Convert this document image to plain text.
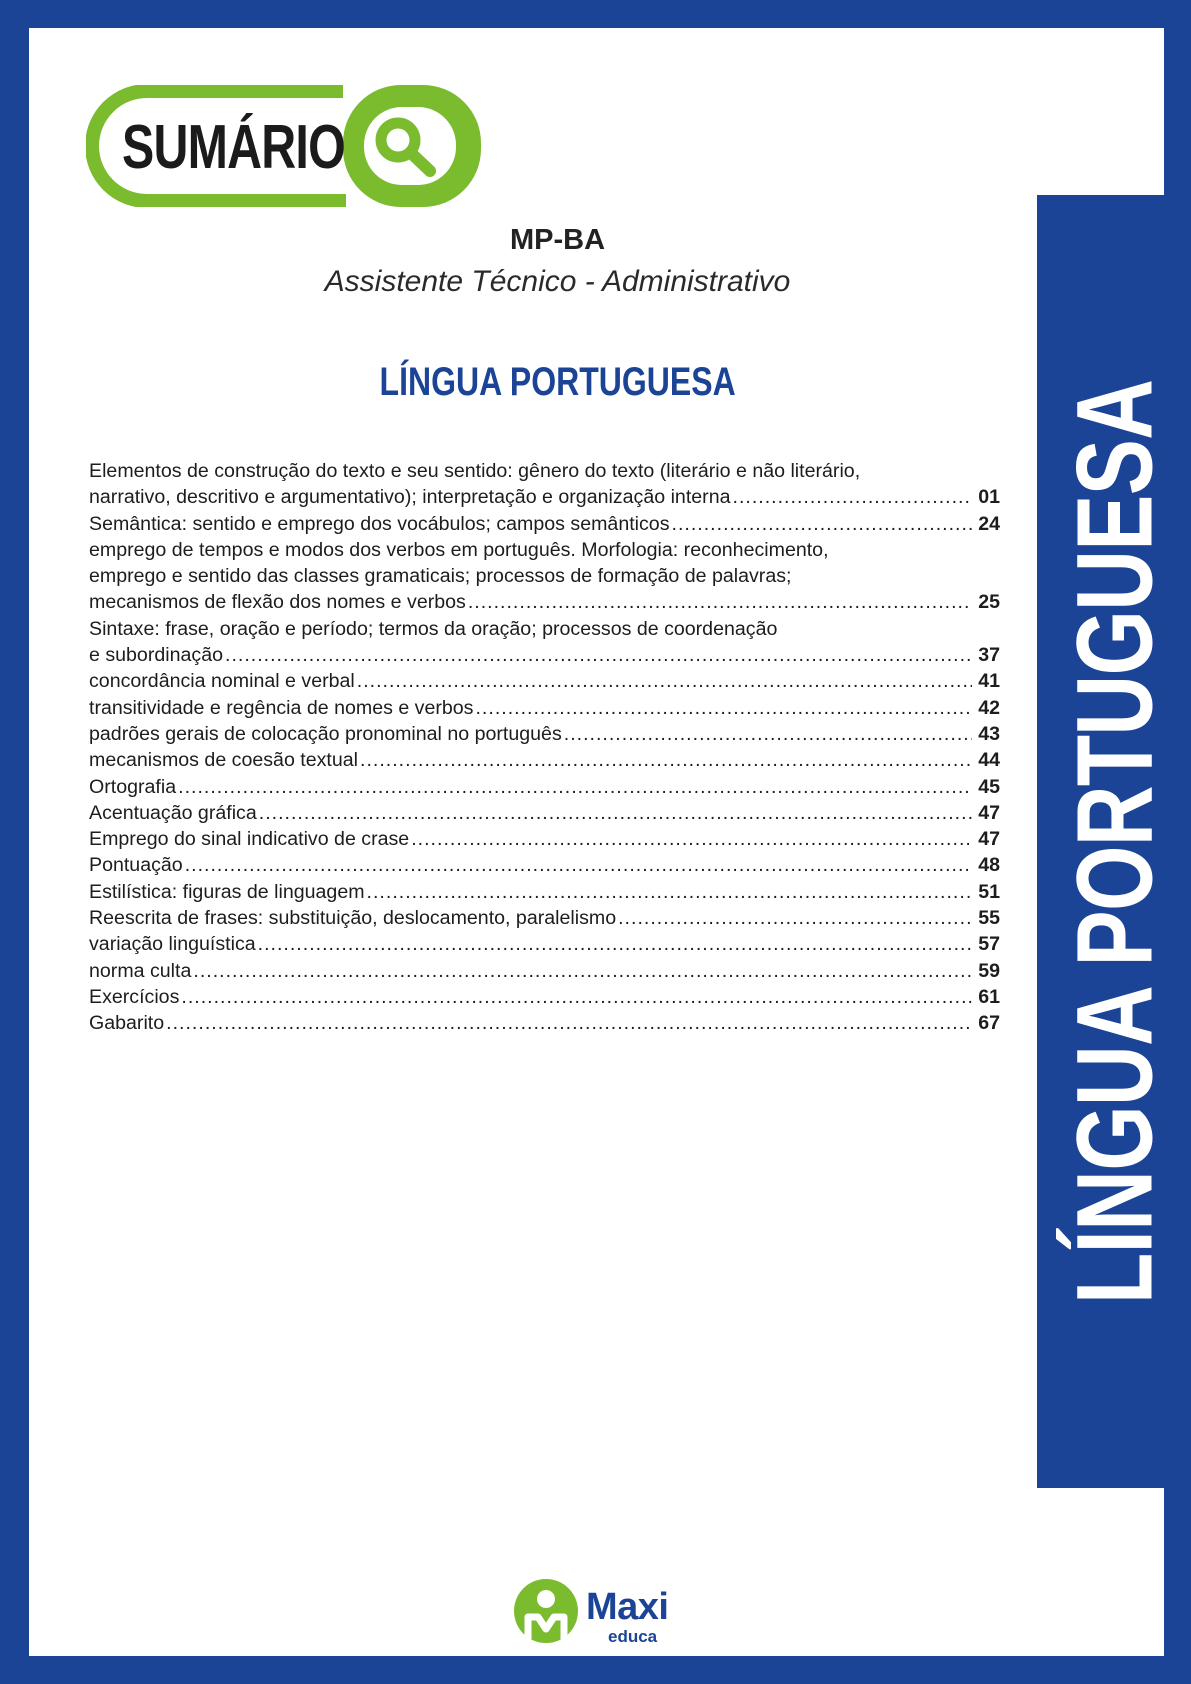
LÍNGUA PORTUGUESA
SUMÁRIO
MP-BA
Assistente Técnico - Administrativo
LÍNGUA PORTUGUESA
Elementos de construção do texto e seu sentido: gênero do texto (literário e não literário,
narrativo, descritivo e argumentativo); interpretação e organização interna .....	01
Semântica: sentido e emprego dos vocábulos; campos semânticos .....	24
emprego de tempos e modos dos verbos em português. Morfologia: reconhecimento,
emprego e sentido das classes gramaticais; processos de formação de palavras;
mecanismos de flexão dos nomes e verbos .....	25
Sintaxe: frase, oração e período; termos da oração; processos de coordenação
e subordinação .....	37
concordância nominal e verbal .....	41
transitividade e regência de nomes e verbos .....	42
padrões gerais de colocação pronominal no português .....	43
mecanismos de coesão textual .....	44
Ortografia .....	45
Acentuação gráfica .....	47
Emprego do sinal indicativo de crase .....	47
Pontuação .....	48
Estilística: figuras de linguagem .....	51
Reescrita de frases: substituição, deslocamento, paralelismo .....	55
variação linguística .....	57
norma culta .....	59
Exercícios .....	61
Gabarito .....	67
Maxi
educa
